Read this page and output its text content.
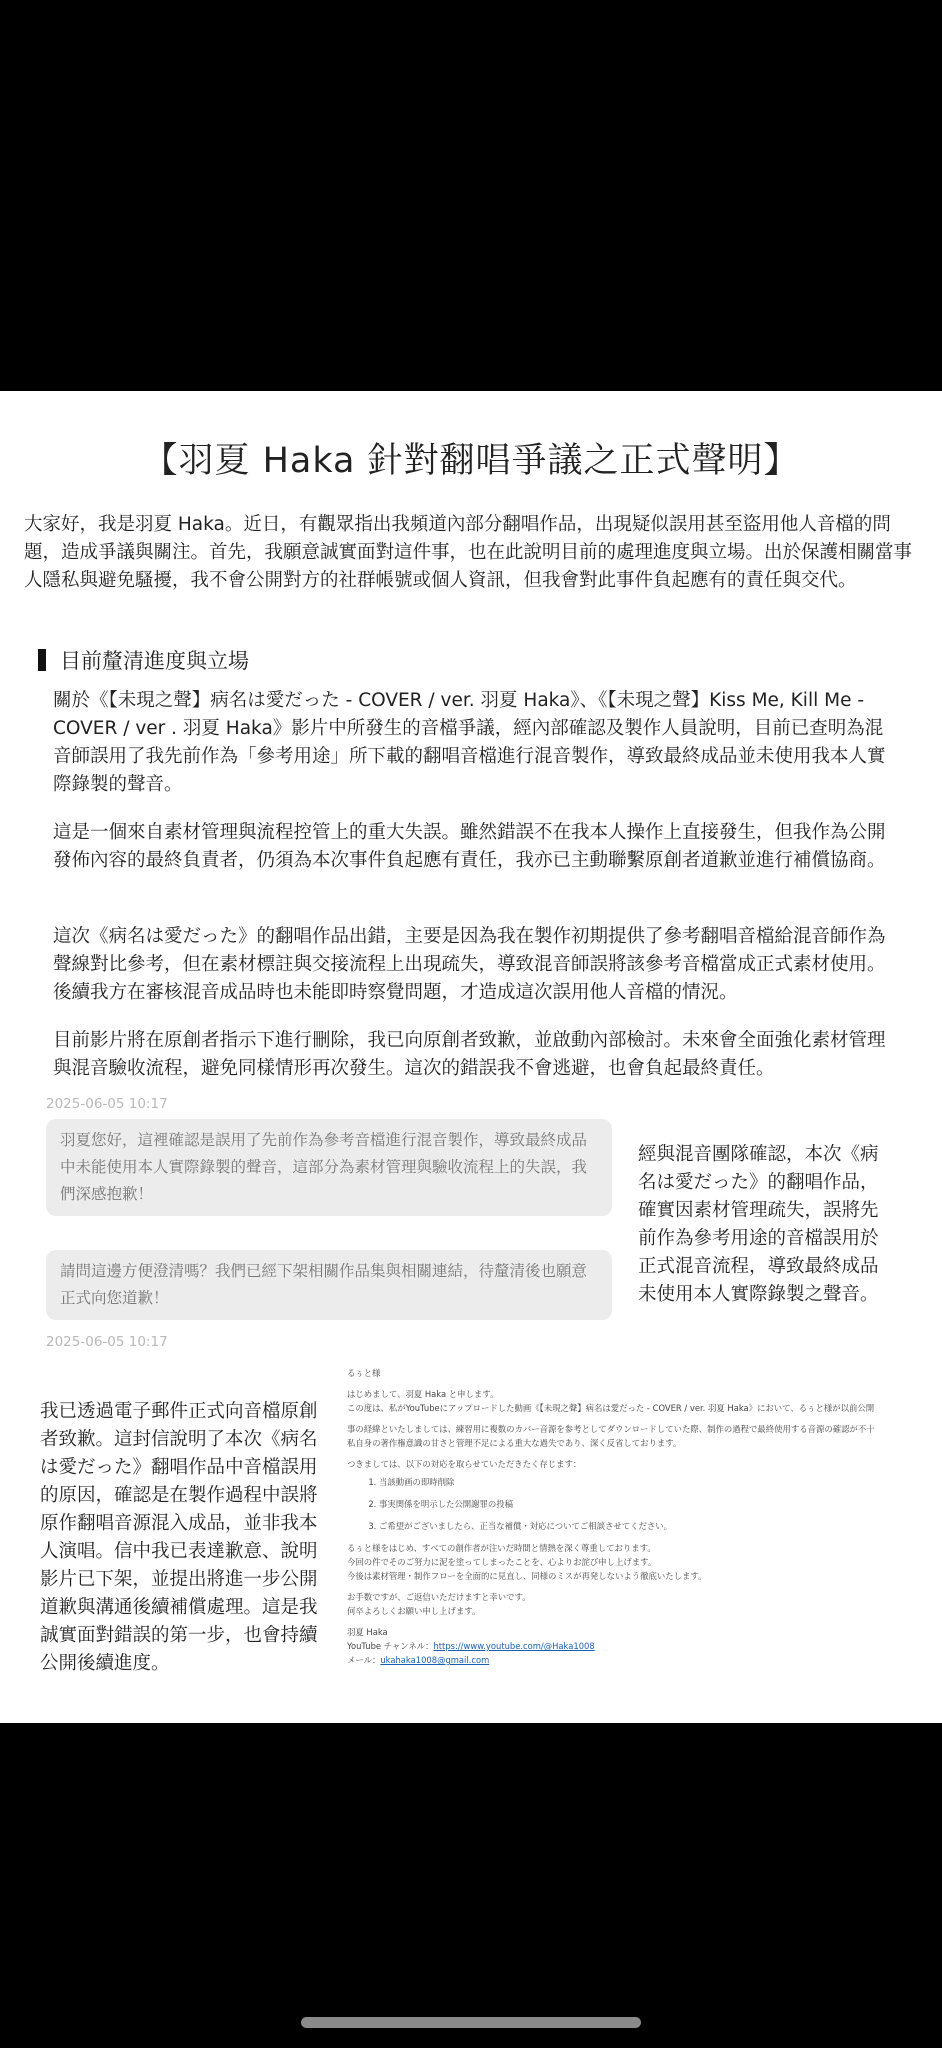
【羽夏 Haka 針對翻唱爭議之正式聲明】
大家好，我是羽夏 Haka。近日，有觀眾指出我頻道內部分翻唱作品，出現疑似誤用甚至盜用他人音檔的問題，造成爭議與關注。首先，我願意誠實面對這件事，也在此說明目前的處理進度與立場。出於保護相關當事人隱私與避免騷擾，我不會公開對方的社群帳號或個人資訊，但我會對此事件負起應有的責任與交代。
目前釐清進度與立場
關於《【未現之聲】病名は愛だった - COVER / ver. 羽夏 Haka》、《【未現之聲】Kiss Me, Kill Me - COVER / ver . 羽夏 Haka》影片中所發生的音檔爭議，經內部確認及製作人員說明，目前已查明為混音師誤用了我先前作為「參考用途」所下載的翻唱音檔進行混音製作，導致最終成品並未使用我本人實際錄製的聲音。
這是一個來自素材管理與流程控管上的重大失誤。雖然錯誤不在我本人操作上直接發生，但我作為公開發佈內容的最終負責者，仍須為本次事件負起應有責任，我亦已主動聯繫原創者道歉並進行補償協商。
這次《病名は愛だった》的翻唱作品出錯，主要是因為我在製作初期提供了參考翻唱音檔給混音師作為聲線對比參考，但在素材標註與交接流程上出現疏失，導致混音師誤將該參考音檔當成正式素材使用。後續我方在審核混音成品時也未能即時察覺問題，才造成這次誤用他人音檔的情況。
目前影片將在原創者指示下進行刪除，我已向原創者致歉，並啟動內部檢討。未來會全面強化素材管理與混音驗收流程，避免同樣情形再次發生。這次的錯誤我不會逃避，也會負起最終責任。
2025-06-05 10:17
羽夏您好，這裡確認是誤用了先前作為參考音檔進行混音製作，導致最終成品中未能使用本人實際錄製的聲音，這部分為素材管理與驗收流程上的失誤，我們深感抱歉！
請問這邊方便澄清嗎？我們已經下架相關作品集與相關連結，待釐清後也願意正式向您道歉！
2025-06-05 10:17
經與混音團隊確認，本次《病名は愛だった》的翻唱作品，確實因素材管理疏失，誤將先前作為參考用途的音檔誤用於正式混音流程，導致最終成品未使用本人實際錄製之聲音。
我已透過電子郵件正式向音檔原創者致歉。這封信說明了本次《病名は愛だった》翻唱作品中音檔誤用的原因，確認是在製作過程中誤將原作翻唱音源混入成品，並非我本人演唱。信中我已表達歉意、說明影片已下架，並提出將進一步公開道歉與溝通後續補償處理。這是我誠實面對錯誤的第一步，也會持續公開後續進度。
るぅと様
はじめまして、羽夏 Haka と申します。
この度は、私がYouTubeにアップロードした動画《【未現之聲】病名は愛だった - COVER / ver. 羽夏 Haka》において、るぅと様が以前公開
事の経緯といたしましては、練習用に複数のカバー音源を参考としてダウンロードしていた際、制作の過程で最終使用する音源の確認が不十
私自身の著作権意識の甘さと管理不足による重大な過失であり、深く反省しております。
つきましては、以下の対応を取らせていただきたく存じます：
1. 当該動画の即時削除
2. 事実関係を明示した公開謝罪の投稿
3. ご希望がございましたら、正当な補償・対応についてご相談させてください。
るぅと様をはじめ、すべての創作者が注いだ時間と情熱を深く尊重しております。
今回の件でそのご努力に泥を塗ってしまったことを、心よりお詫び申し上げます。
今後は素材管理・制作フローを全面的に見直し、同様のミスが再発しないよう徹底いたします。
お手数ですが、ご返信いただけますと幸いです。
何卒よろしくお願い申し上げます。
羽夏 Haka
YouTube チャンネル：https://www.youtube.com/@Haka1008
メール：ukahaka1008@gmail.com
